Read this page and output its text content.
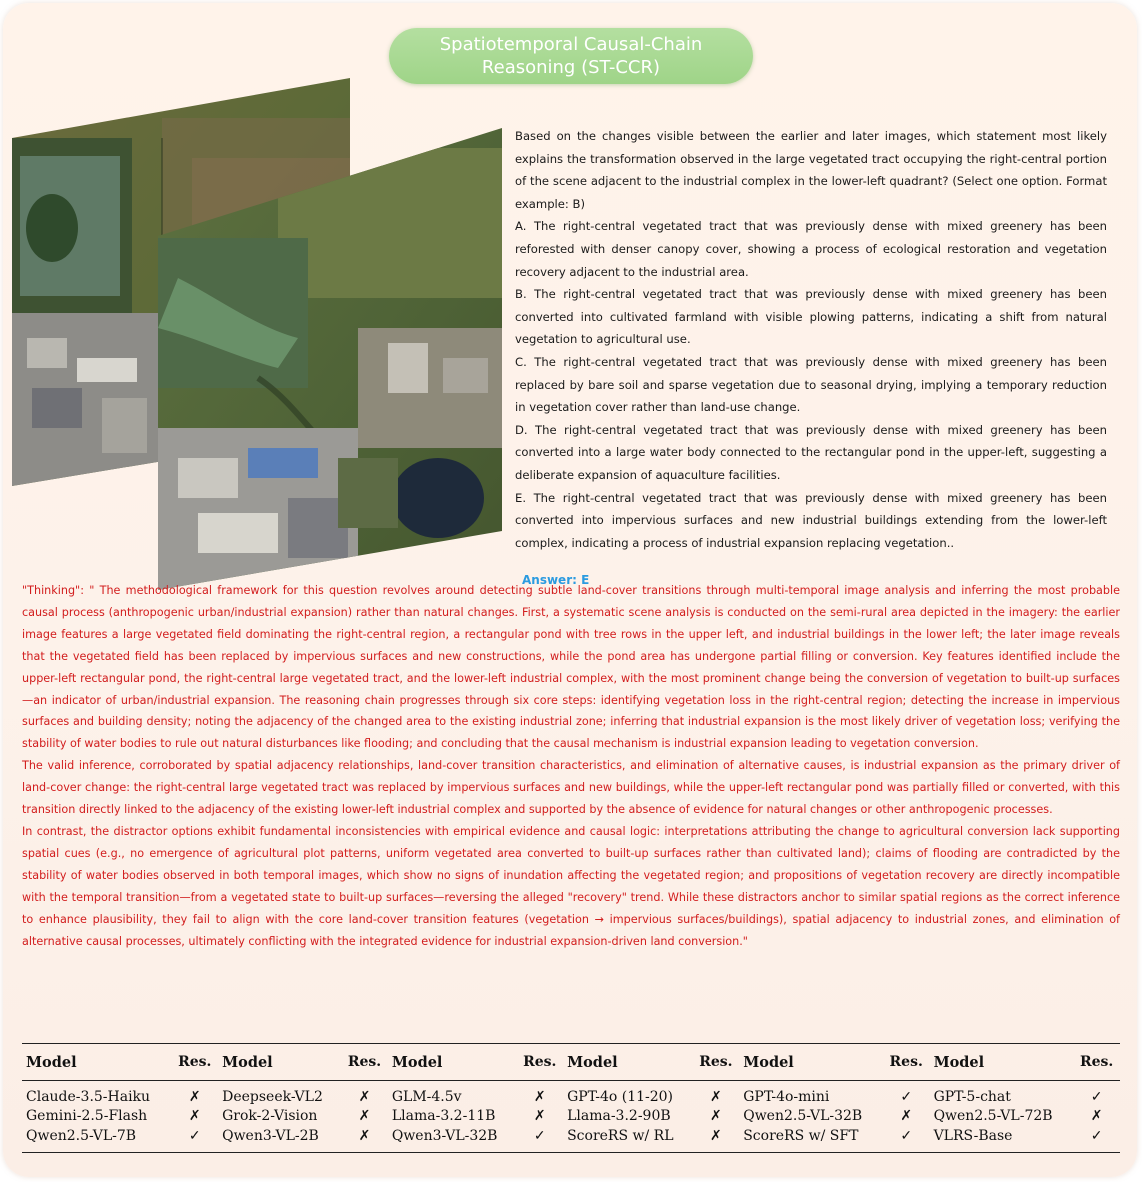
Spatiotemporal Causal-Chain
Reasoning (ST-CCR)

Based on the changes visible between the earlier and later images, which statement most likely explains the transformation observed in the large vegetated tract occupying the right-central portion of the scene adjacent to the industrial complex in the lower-left quadrant? (Select one option. Format example: B)

A. The right-central vegetated tract that was previously dense with mixed greenery has been reforested with denser canopy cover, showing a process of ecological restoration and vegetation recovery adjacent to the industrial area.

B. The right-central vegetated tract that was previously dense with mixed greenery has been converted into cultivated farmland with visible plowing patterns, indicating a shift from natural vegetation to agricultural use.

C. The right-central vegetated tract that was previously dense with mixed greenery has been replaced by bare soil and sparse vegetation due to seasonal drying, implying a temporary reduction in vegetation cover rather than land-use change.

D. The right-central vegetated tract that was previously dense with mixed greenery has been converted into a large water body connected to the rectangular pond in the upper-left, suggesting a deliberate expansion of aquaculture facilities.

E. The right-central vegetated tract that was previously dense with mixed greenery has been converted into impervious surfaces and new industrial buildings extending from the lower-left complex, indicating a process of industrial expansion replacing vegetation..

Answer: E

"Thinking": " The methodological framework for this question revolves around detecting subtle land-cover transitions through multi-temporal image analysis and inferring the most probable causal process (anthropogenic urban/industrial expansion) rather than natural changes. First, a systematic scene analysis is conducted on the semi-rural area depicted in the imagery: the earlier image features a large vegetated field dominating the right-central region, a rectangular pond with tree rows in the upper left, and industrial buildings in the lower left; the later image reveals that the vegetated field has been replaced by impervious surfaces and new constructions, while the pond area has undergone partial filling or conversion. Key features identified include the upper-left rectangular pond, the right-central large vegetated tract, and the lower-left industrial complex, with the most prominent change being the conversion of vegetation to built-up surfaces—an indicator of urban/industrial expansion. The reasoning chain progresses through six core steps: identifying vegetation loss in the right-central region; detecting the increase in impervious surfaces and building density; noting the adjacency of the changed area to the existing industrial zone; inferring that industrial expansion is the most likely driver of vegetation loss; verifying the stability of water bodies to rule out natural disturbances like flooding; and concluding that the causal mechanism is industrial expansion leading to vegetation conversion.

The valid inference, corroborated by spatial adjacency relationships, land-cover transition characteristics, and elimination of alternative causes, is industrial expansion as the primary driver of land-cover change: the right-central large vegetated tract was replaced by impervious surfaces and new buildings, while the upper-left rectangular pond was partially filled or converted, with this transition directly linked to the adjacency of the existing lower-left industrial complex and supported by the absence of evidence for natural changes or other anthropogenic processes.

In contrast, the distractor options exhibit fundamental inconsistencies with empirical evidence and causal logic: interpretations attributing the change to agricultural conversion lack supporting spatial cues (e.g., no emergence of agricultural plot patterns, uniform vegetated area converted to built-up surfaces rather than cultivated land); claims of flooding are contradicted by the stability of water bodies observed in both temporal images, which show no signs of inundation affecting the vegetated region; and propositions of vegetation recovery are directly incompatible with the temporal transition—from a vegetated state to built-up surfaces—reversing the alleged "recovery" trend. While these distractors anchor to similar spatial regions as the correct inference to enhance plausibility, they fail to align with the core land-cover transition features (vegetation → impervious surfaces/buildings), spatial adjacency to industrial zones, and elimination of alternative causal processes, ultimately conflicting with the integrated evidence for industrial expansion-driven land conversion."

Model	Res.	Model	Res.	Model	Res.	Model	Res.	Model	Res.	Model	Res.
Claude-3.5-Haiku	✗	Deepseek-VL2	✗	GLM-4.5v	✗	GPT-4o (11-20)	✗	GPT-4o-mini	✓	GPT-5-chat	✓
Gemini-2.5-Flash	✗	Grok-2-Vision	✗	Llama-3.2-11B	✗	Llama-3.2-90B	✗	Qwen2.5-VL-32B	✗	Qwen2.5-VL-72B	✗
Qwen2.5-VL-7B	✓	Qwen3-VL-2B	✗	Qwen3-VL-32B	✓	ScoreRS w/ RL	✗	ScoreRS w/ SFT	✓	VLRS-Base	✓
